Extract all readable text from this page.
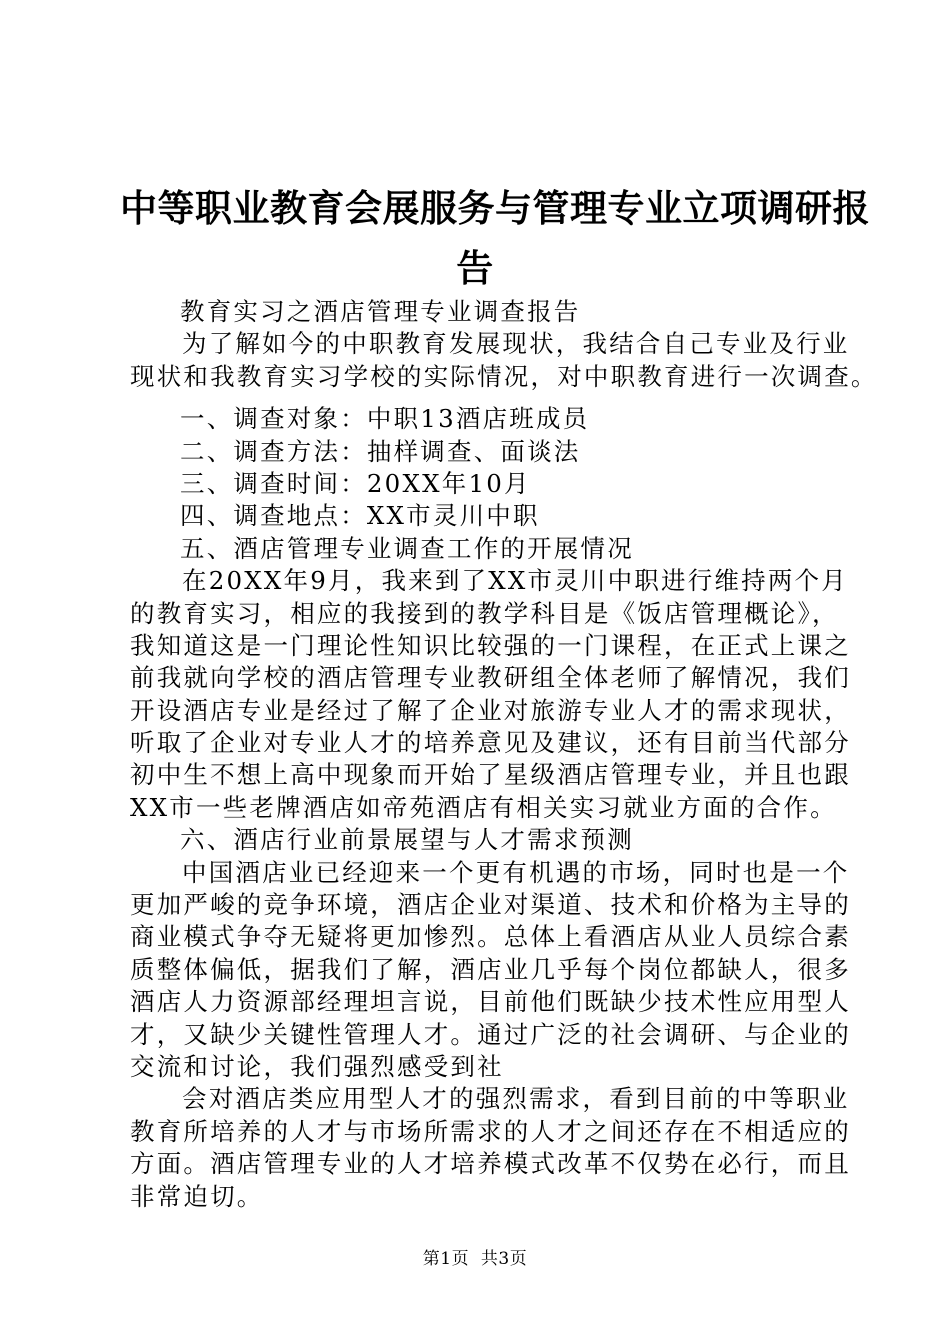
中等职业教育会展服务与管理专业立项调研报
告
教育实习之酒店管理专业调查报告
为了解如今的中职教育发展现状，我结合自己专业及行业
现状和我教育实习学校的实际情况，对中职教育进行一次调查。
一、调查对象：中职13酒店班成员
二、调查方法：抽样调查、面谈法
三、调查时间：20XX年10月
四、调查地点：XX市灵川中职
五、酒店管理专业调查工作的开展情况
在20XX年9月，我来到了XX市灵川中职进行维持两个月
的教育实习，相应的我接到的教学科目是《饭店管理概论》，
我知道这是一门理论性知识比较强的一门课程，在正式上课之
前我就向学校的酒店管理专业教研组全体老师了解情况，我们
开设酒店专业是经过了解了企业对旅游专业人才的需求现状，
听取了企业对专业人才的培养意见及建议，还有目前当代部分
初中生不想上高中现象而开始了星级酒店管理专业，并且也跟
XX市一些老牌酒店如帝苑酒店有相关实习就业方面的合作。
六、酒店行业前景展望与人才需求预测
中国酒店业已经迎来一个更有机遇的市场，同时也是一个
更加严峻的竞争环境，酒店企业对渠道、技术和价格为主导的
商业模式争夺无疑将更加惨烈。总体上看酒店从业人员综合素
质整体偏低，据我们了解，酒店业几乎每个岗位都缺人，很多
酒店人力资源部经理坦言说，目前他们既缺少技术性应用型人
才，又缺少关键性管理人才。通过广泛的社会调研、与企业的
交流和讨论，我们强烈感受到社
会对酒店类应用型人才的强烈需求，看到目前的中等职业
教育所培养的人才与市场所需求的人才之间还存在不相适应的
方面。酒店管理专业的人才培养模式改革不仅势在必行，而且
非常迫切。
第1页  共3页
